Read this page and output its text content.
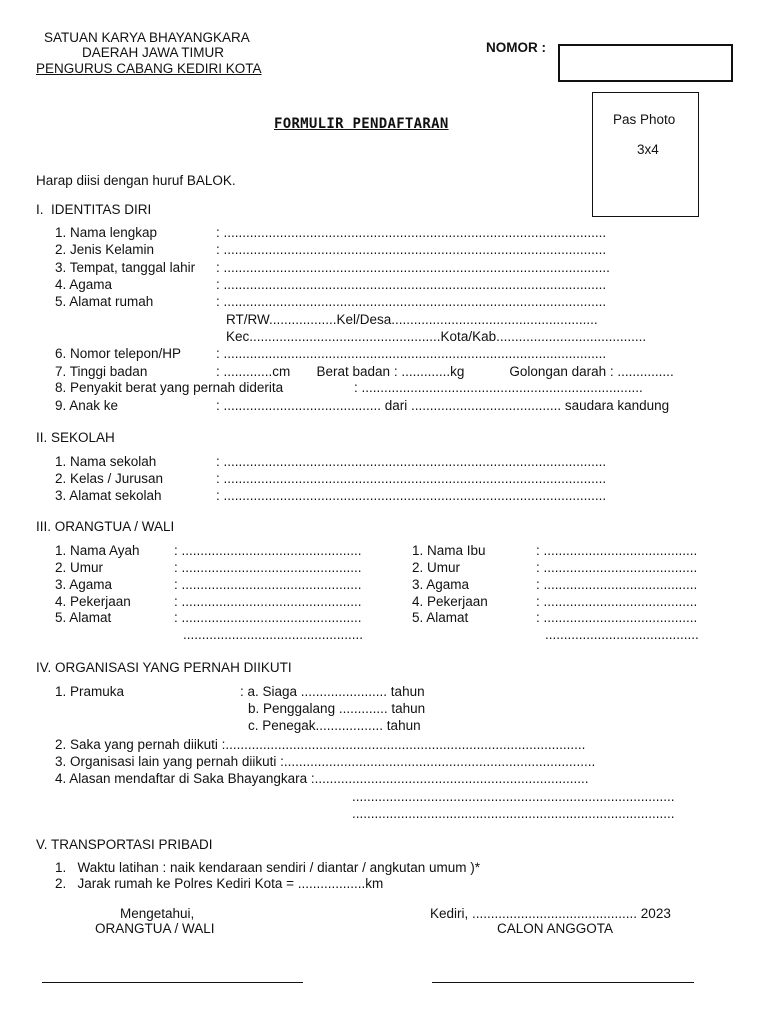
SATUAN KARYA BHAYANGKARA
DAERAH JAWA TIMUR
PENGURUS CABANG KEDIRI KOTA
NOMOR :
Pas Photo
3x4
FORMULIR PENDAFTARAN
Harap diisi dengan huruf BALOK.
I.  IDENTITAS DIRI
1. Nama lengkap	: ......................................................................................................
2. Jenis Kelamin	: ......................................................................................................
3. Tempat, tanggal lahir : .......................................................................................................
4. Agama	: ......................................................................................................
5. Alamat rumah	: ......................................................................................................
RT/RW..................Kel/Desa.......................................................
Kec...................................................Kota/Kab........................................
6. Nomor telepon/HP	: ......................................................................................................
7. Tinggi badan	: .............cm       Berat badan : .............kg            Golongan darah : ...............
8. Penyakit berat yang pernah diderita	: ...........................................................................
9. Anak ke	: .......................................... dari ........................................ saudara kandung
II. SEKOLAH
1. Nama sekolah	: ......................................................................................................
2. Kelas / Jurusan	: ......................................................................................................
3. Alamat sekolah	: ......................................................................................................
III. ORANGTUA / WALI
1. Nama Ayah	: ................................................
2. Umur	: ................................................
3. Agama	: ................................................
4. Pekerjaan	: ................................................
5. Alamat	: ................................................
................................................
1. Nama Ibu	: .........................................
2. Umur	: .........................................
3. Agama	: .........................................
4. Pekerjaan	: .........................................
5. Alamat	: .........................................
.........................................
IV. ORGANISASI YANG PERNAH DIIKUTI
1. Pramuka	: a. Siaga ....................... tahun
b. Penggalang ............. tahun
c. Penegak.................. tahun
2. Saka yang pernah diikuti :................................................................................................
3. Organisasi lain yang pernah diikuti :...................................................................................
4. Alasan mendaftar di Saka Bhayangkara :.........................................................................
......................................................................................
......................................................................................
V. TRANSPORTASI PRIBADI
1.   Waktu latihan : naik kendaraan sendiri / diantar / angkutan umum )*
2.   Jarak rumah ke Polres Kediri Kota = ..................km
Mengetahui,
ORANGTUA / WALI
Kediri, ............................................ 2023
CALON ANGGOTA
